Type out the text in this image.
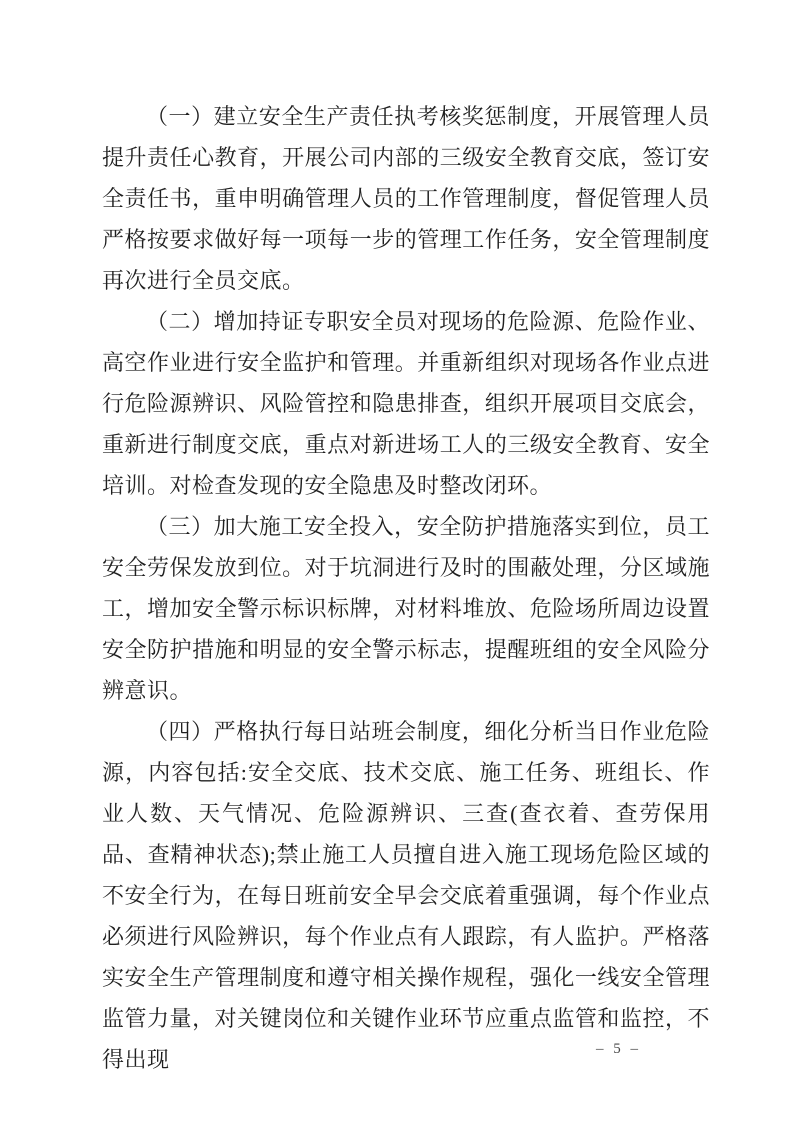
（一）建立安全生产责任执考核奖惩制度，开展管理人员提升责任心教育，开展公司内部的三级安全教育交底，签订安全责任书，重申明确管理人员的工作管理制度，督促管理人员严格按要求做好每一项每一步的管理工作任务，安全管理制度再次进行全员交底。

（二）增加持证专职安全员对现场的危险源、危险作业、高空作业进行安全监护和管理。并重新组织对现场各作业点进行危险源辨识、风险管控和隐患排查，组织开展项目交底会，重新进行制度交底，重点对新进场工人的三级安全教育、安全培训。对检查发现的安全隐患及时整改闭环。

（三）加大施工安全投入，安全防护措施落实到位，员工安全劳保发放到位。对于坑洞进行及时的围蔽处理，分区域施工，增加安全警示标识标牌，对材料堆放、危险场所周边设置安全防护措施和明显的安全警示标志，提醒班组的安全风险分辨意识。

（四）严格执行每日站班会制度，细化分析当日作业危险源，内容包括:安全交底、技术交底、施工任务、班组长、作业人数、天气情况、危险源辨识、三查(查衣着、查劳保用品、查精神状态);禁止施工人员擅自进入施工现场危险区域的不安全行为，在每日班前安全早会交底着重强调，每个作业点必须进行风险辨识，每个作业点有人跟踪，有人监护。严格落实安全生产管理制度和遵守相关操作规程，强化一线安全管理监管力量，对关键岗位和关键作业环节应重点监管和监控，不得出现	– 5 –
